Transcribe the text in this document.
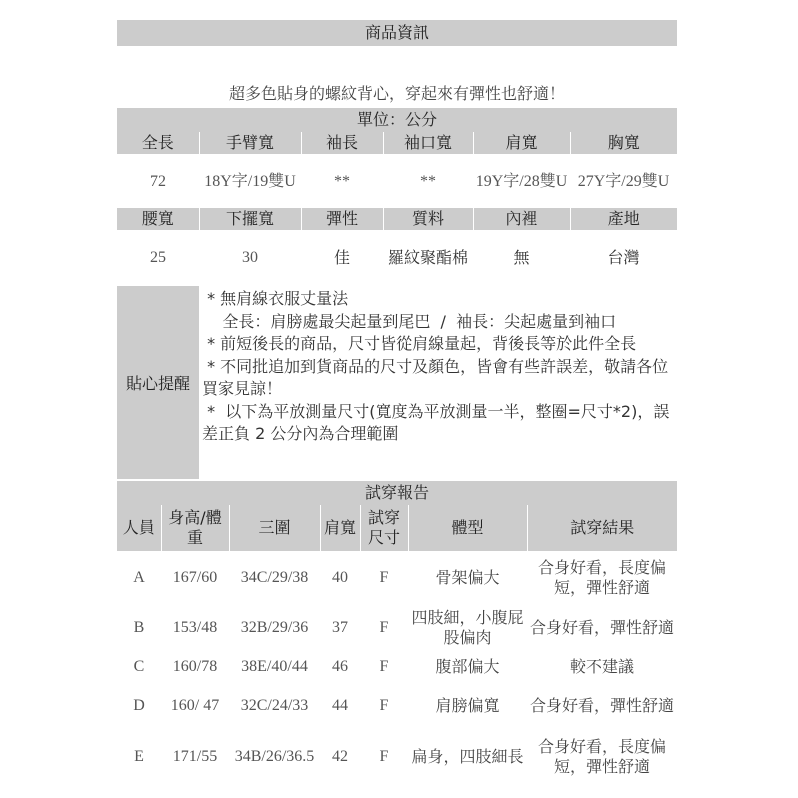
商品資訊
超多色貼身的螺紋背心，穿起來有彈性也舒適！
單位：公分
全長	手臂寬	袖長	袖口寬	肩寬	胸寬
72	18Y字/19雙U	**	**	19Y字/28雙U	27Y字/29雙U
腰寬	下擺寬	彈性	質料	內裡	產地
25	30	佳	羅紋聚酯棉	無	台灣
貼心提醒
* 無肩線衣服丈量法
全長：肩膀處最尖起量到尾巴  /  袖長：尖起處量到袖口
* 前短後長的商品，尺寸皆從肩線量起，背後長等於此件全長
* 不同批追加到貨商品的尺寸及顏色，皆會有些許誤差，敬請各位買家見諒！
*  以下為平放測量尺寸(寬度為平放測量一半，整圈=尺寸*2)，誤差正負 2 公分內為合理範圍
試穿報告
人員	身高/體重	三圍	肩寬	試穿尺寸	體型	試穿結果
A	167/60	34C/29/38	40	F	骨架偏大	合身好看，長度偏短，彈性舒適
B	153/48	32B/29/36	37	F	四肢細，小腹屁股偏肉	合身好看，彈性舒適
C	160/78	38E/40/44	46	F	腹部偏大	較不建議
D	160/ 47	32C/24/33	44	F	肩膀偏寬	合身好看，彈性舒適
E	171/55	34B/26/36.5	42	F	扁身，四肢細長	合身好看，長度偏短，彈性舒適
